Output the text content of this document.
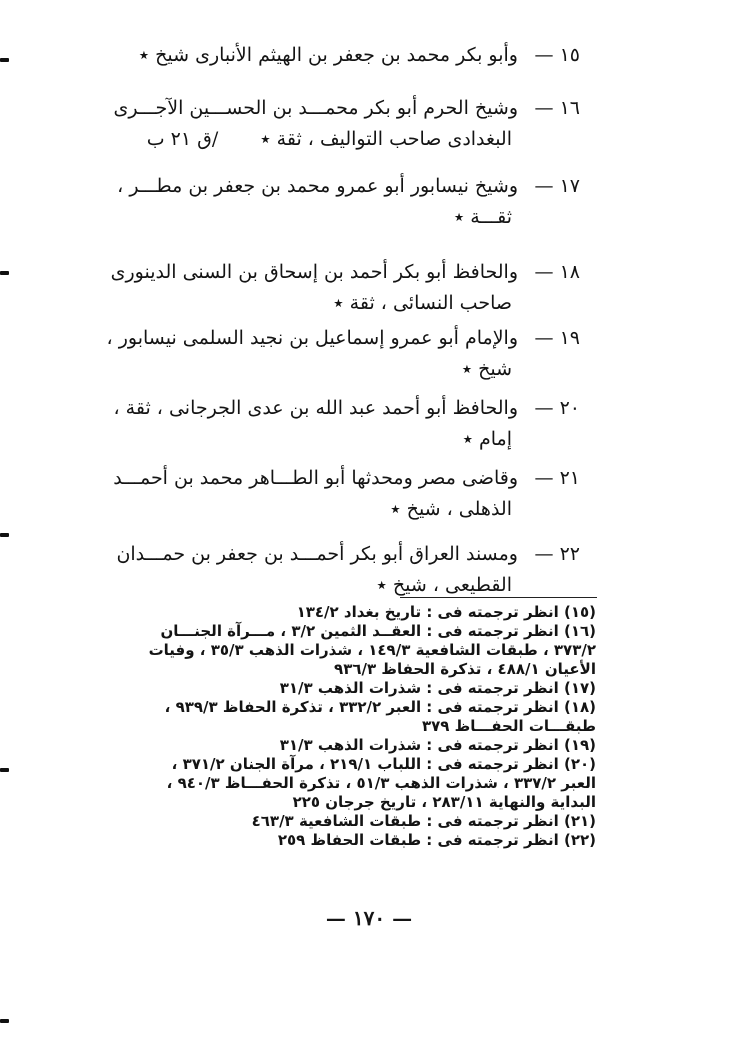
١٥ —
وأبو بكر محمد بن جعفر بن الهيثم الأنبارى شيخ ٭
١٦ —
وشيخ الحرم أبو بكر محمـــد بن الحســـين الآجـــرى
البغدادى صاحب التواليف ، ثقة ٭/ق ٢١ ب
١٧ —
وشيخ نيسابور أبو عمرو محمد بن جعفر بن مطـــر ،
ثقـــة ٭
١٨ —
والحافظ أبو بكر أحمد بن إسحاق بن السنى الدينورى
صاحب النسائى ، ثقة ٭
١٩ —
والإمام أبو عمرو إسماعيل بن نجيد السلمى نيسابور ،
شيخ ٭
٢٠ —
والحافظ أبو أحمد عبد الله بن عدى الجرجانى ، ثقة ،
إمام ٭
٢١ —
وقاضى مصر ومحدثها أبو الطـــاهر محمد بن أحمـــد
الذهلى ، شيخ ٭
٢٢ —
ومسند العراق أبو بكر أحمـــد بن جعفر بن حمـــدان
القطيعى ، شيخ ٭
(١٥) انظر ترجمته فى : تاريخ بغداد ١٣٤/٢
(١٦) انظر ترجمته فى : العقــد الثمين ٣/٢ ، مـــرآة الجنـــان
٣٧٣/٢ ، طبقات الشافعية ١٤٩/٣ ، شذرات الذهب ٣٥/٣ ، وفيات
الأعيان ٤٨٨/١ ، تذكرة الحفاظ ٩٣٦/٣
(١٧) انظر ترجمته فى : شذرات الذهب ٣١/٣
(١٨) انظر ترجمته فى : العبر ٣٣٢/٢ ، تذكرة الحفاظ ٩٣٩/٣ ،
طبقـــات الحفـــاظ ٣٧٩
(١٩) انظر ترجمته فى : شذرات الذهب ٣١/٣
(٢٠) انظر ترجمته فى : اللباب ٢١٩/١ ، مرآة الجنان ٣٧١/٢ ،
العبر ٣٣٧/٢ ، شذرات الذهب ٥١/٣ ، تذكرة الحفـــاظ ٩٤٠/٣ ،
البداية والنهاية ٢٨٣/١١ ، تاريخ جرجان ٢٢٥
(٢١) انظر ترجمته فى : طبقات الشافعية ٤٦٣/٣
(٢٢) انظر ترجمته فى : طبقات الحفاظ ٢٥٩
— ١٧٠ —
